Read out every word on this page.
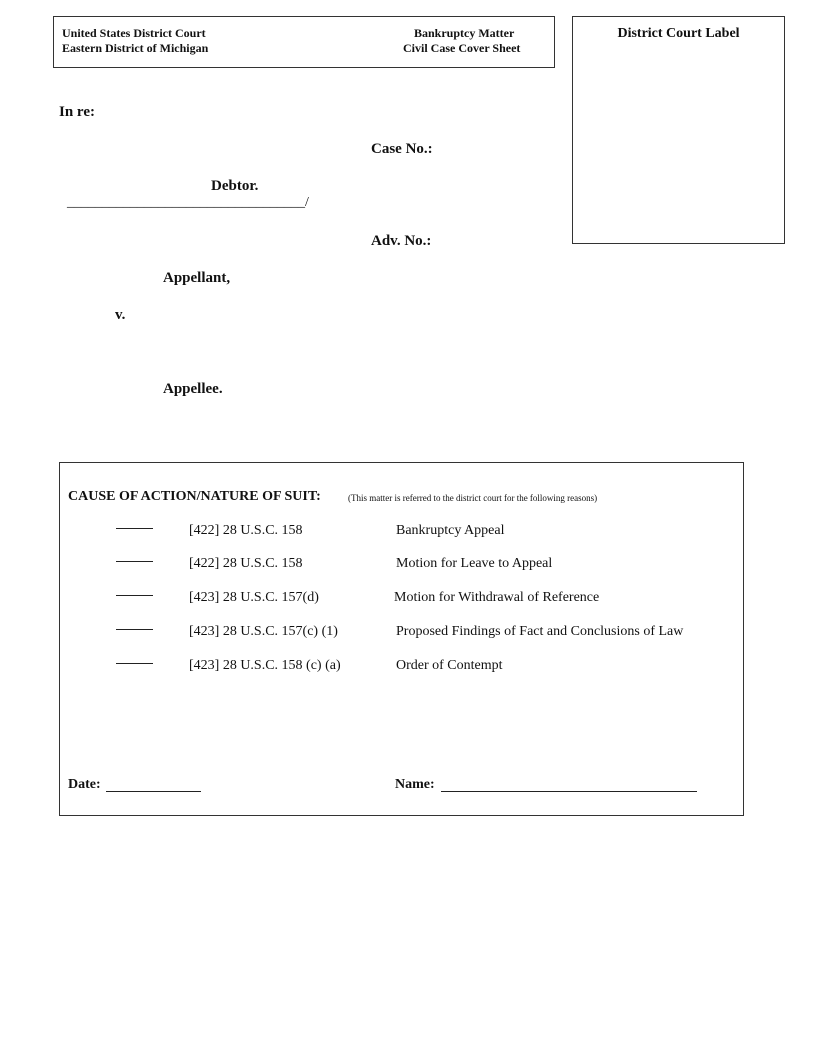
United States District Court
Eastern District of Michigan
Bankruptcy Matter
Civil Case Cover Sheet
District Court Label
In re:
Case No.:
Debtor.
__________________________________/
Adv. No.:
Appellant,
v.
Appellee.
CAUSE OF ACTION/NATURE OF SUIT:	(This matter is referred to the district court for the following reasons)
[422] 28 U.S.C. 158	Bankruptcy Appeal
[422] 28 U.S.C. 158	Motion for Leave to Appeal
[423] 28 U.S.C. 157(d)	Motion for Withdrawal of Reference
[423] 28 U.S.C. 157(c) (1)	Proposed Findings of Fact and Conclusions of Law
[423] 28 U.S.C. 158 (c) (a)	Order of Contempt
Date:	Name:
